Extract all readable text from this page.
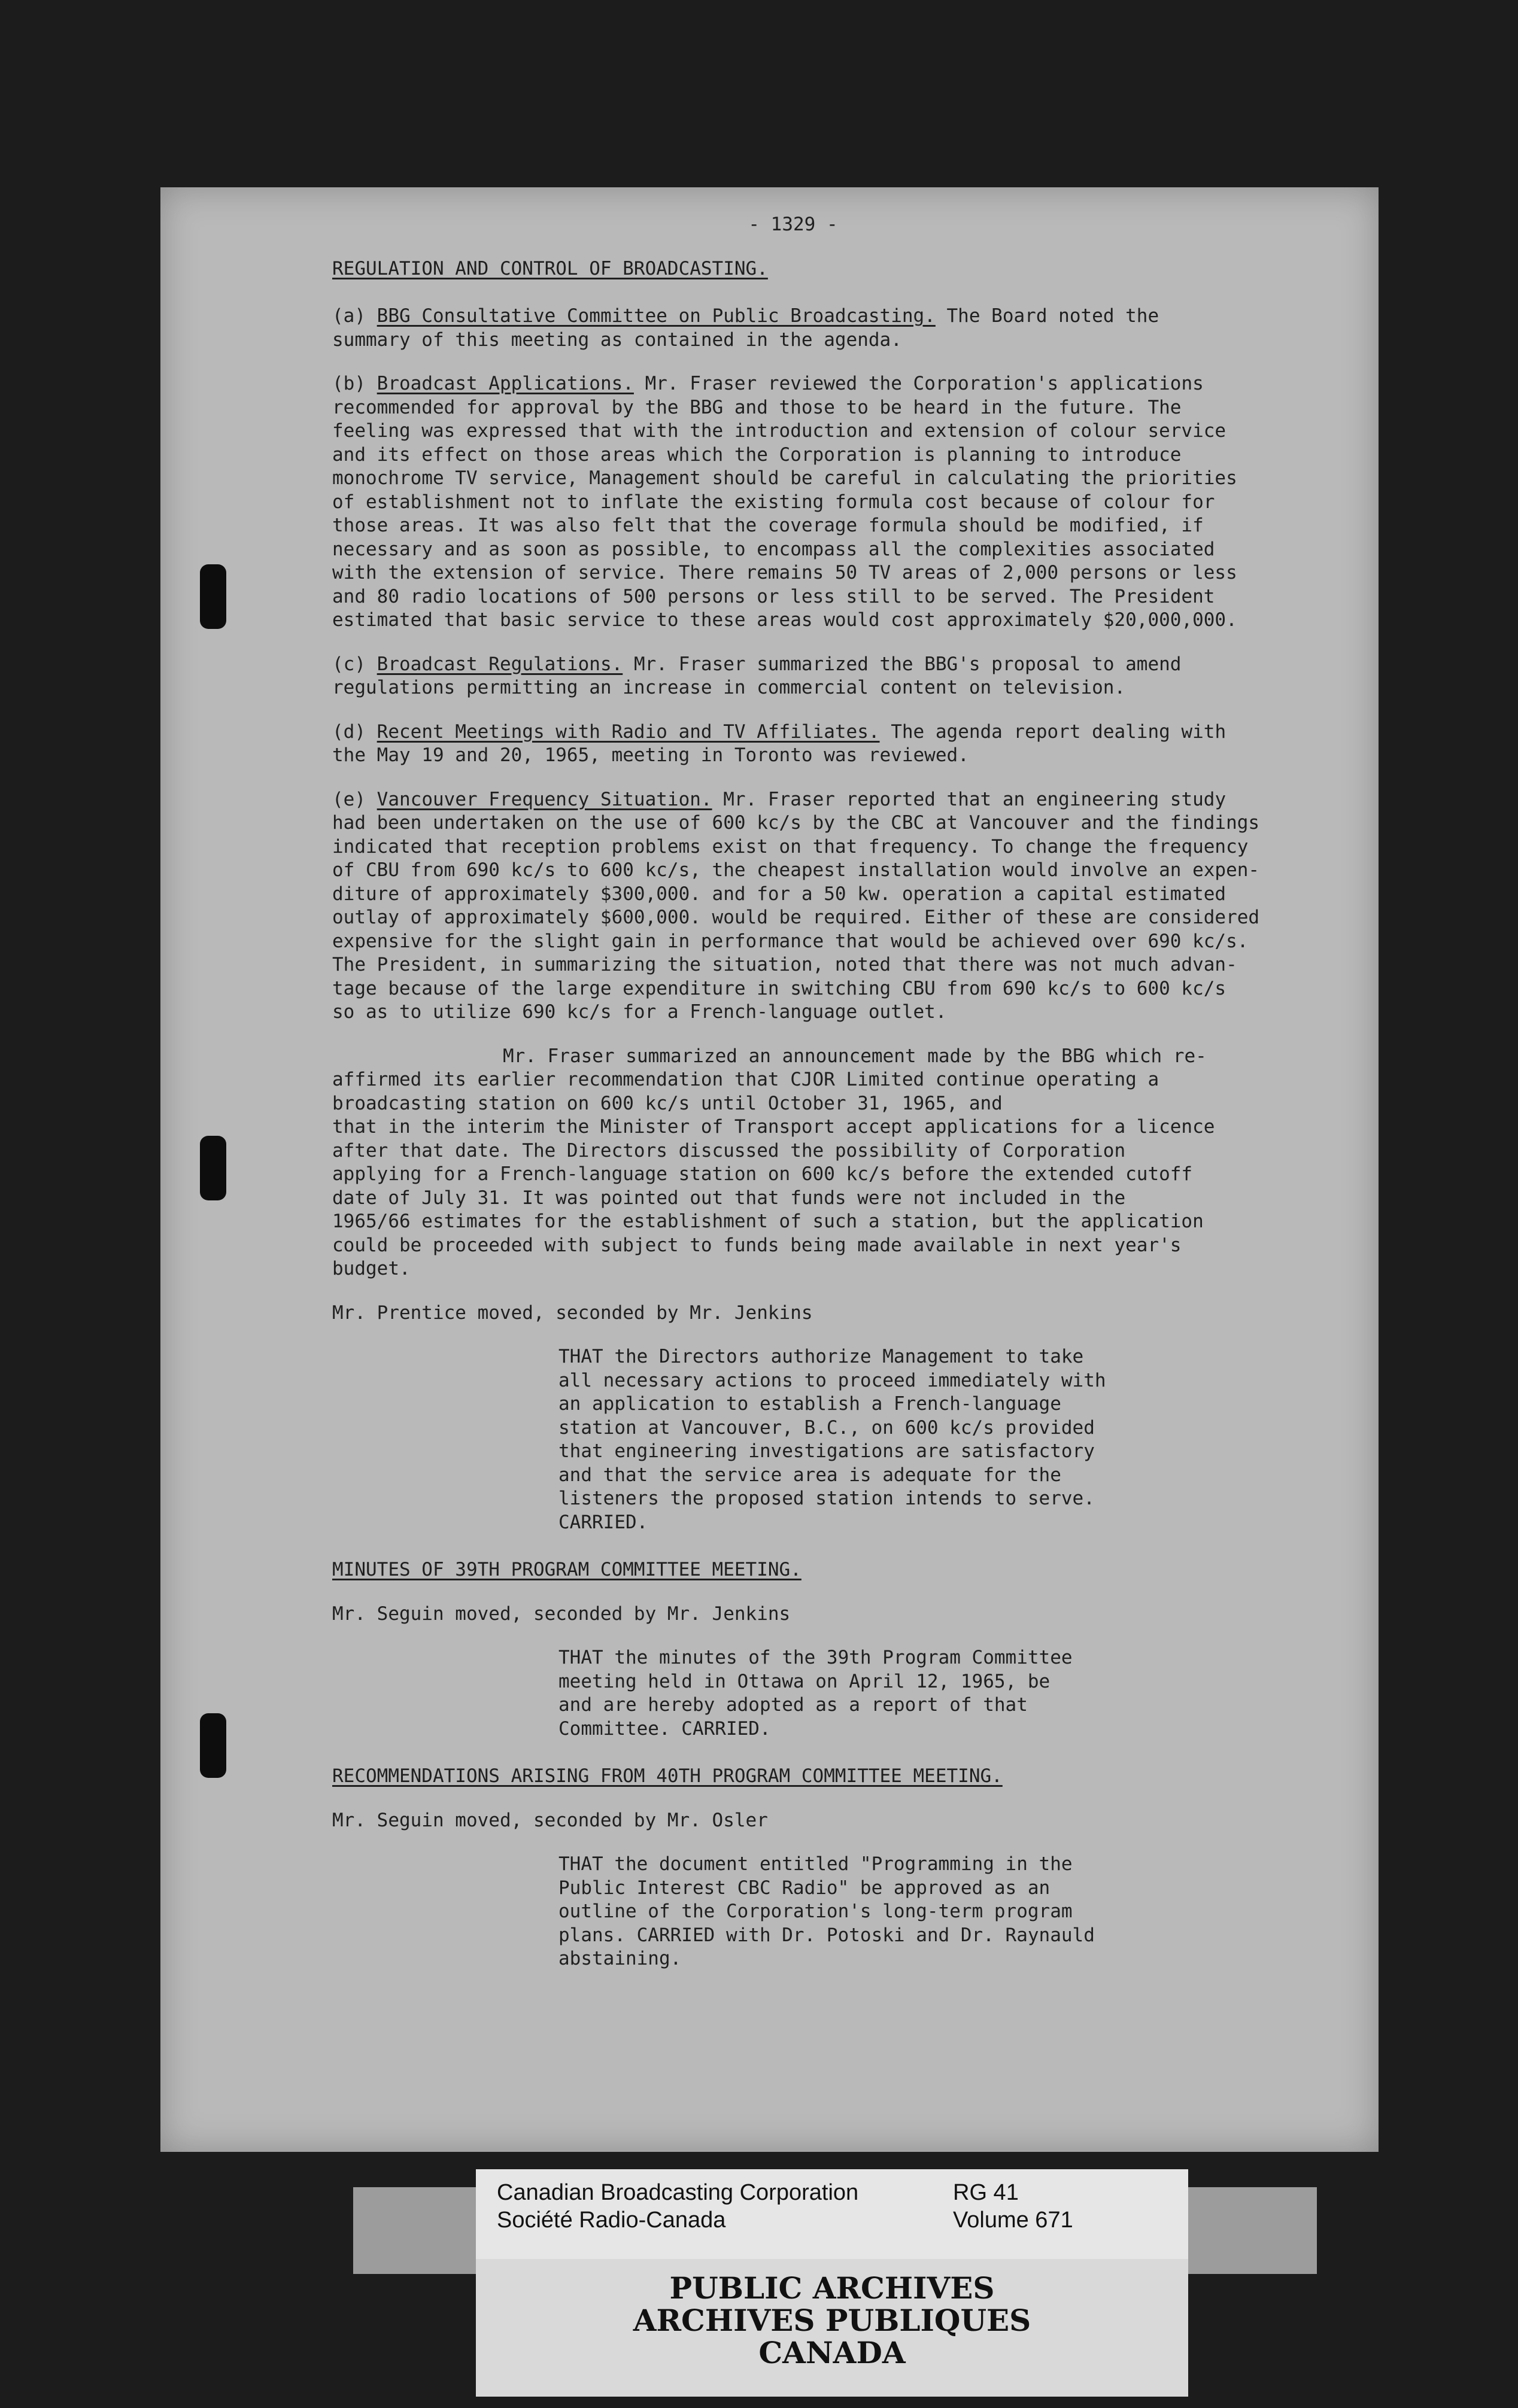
- 1329 -

REGULATION AND CONTROL OF BROADCASTING.

(a) BBG Consultative Committee on Public Broadcasting. The Board noted the

summary of this meeting as contained in the agenda.

(b) Broadcast Applications. Mr. Fraser reviewed the Corporation's applications

recommended for approval by the BBG and those to be heard in the future. The

feeling was expressed that with the introduction and extension of colour service

and its effect on those areas which the Corporation is planning to introduce

monochrome TV service, Management should be careful in calculating the priorities

of establishment not to inflate the existing formula cost because of colour for

those areas. It was also felt that the coverage formula should be modified, if

necessary and as soon as possible, to encompass all the complexities associated

with the extension of service. There remains 50 TV areas of 2,000 persons or less

and 80 radio locations of 500 persons or less still to be served. The President

estimated that basic service to these areas would cost approximately $20,000,000.

(c) Broadcast Regulations. Mr. Fraser summarized the BBG's proposal to amend

regulations permitting an increase in commercial content on television.

(d) Recent Meetings with Radio and TV Affiliates. The agenda report dealing with

the May 19 and 20, 1965, meeting in Toronto was reviewed.

(e) Vancouver Frequency Situation. Mr. Fraser reported that an engineering study

had been undertaken on the use of 600 kc/s by the CBC at Vancouver and the findings

indicated that reception problems exist on that frequency. To change the frequency

of CBU from 690 kc/s to 600 kc/s, the cheapest installation would involve an expen-

diture of approximately $300,000. and for a 50 kw. operation a capital estimated

outlay of approximately $600,000. would be required. Either of these are considered

expensive for the slight gain in performance that would be achieved over 690 kc/s.

The President, in summarizing the situation, noted that there was not much advan-

tage because of the large expenditure in switching CBU from 690 kc/s to 600 kc/s

so as to utilize 690 kc/s for a French-language outlet.

Mr. Fraser summarized an announcement made by the BBG which re-

affirmed its earlier recommendation that CJOR Limited continue operating a

broadcasting station on 600 kc/s until October 31, 1965, and

that in the interim the Minister of Transport accept applications for a licence

after that date. The Directors discussed the possibility of Corporation

applying for a French-language station on 600 kc/s before the extended cutoff

date of July 31. It was pointed out that funds were not included in the

1965/66 estimates for the establishment of such a station, but the application

could be proceeded with subject to funds being made available in next year's

budget.

Mr. Prentice moved, seconded by Mr. Jenkins

THAT the Directors authorize Management to take

all necessary actions to proceed immediately with

an application to establish a French-language

station at Vancouver, B.C., on 600 kc/s provided

that engineering investigations are satisfactory

and that the service area is adequate for the

listeners the proposed station intends to serve.

CARRIED.

MINUTES OF 39TH PROGRAM COMMITTEE MEETING.

Mr. Seguin moved, seconded by Mr. Jenkins

THAT the minutes of the 39th Program Committee

meeting held in Ottawa on April 12, 1965, be

and are hereby adopted as a report of that

Committee. CARRIED.

RECOMMENDATIONS ARISING FROM 40TH PROGRAM COMMITTEE MEETING.

Mr. Seguin moved, seconded by Mr. Osler

THAT the document entitled "Programming in the

Public Interest CBC Radio" be approved as an

outline of the Corporation's long-term program

plans. CARRIED with Dr. Potoski and Dr. Raynauld

abstaining.

Canadian Broadcasting Corporation
Société Radio-Canada
RG 41
Volume 671
PUBLIC ARCHIVES
ARCHIVES PUBLIQUES
CANADA
